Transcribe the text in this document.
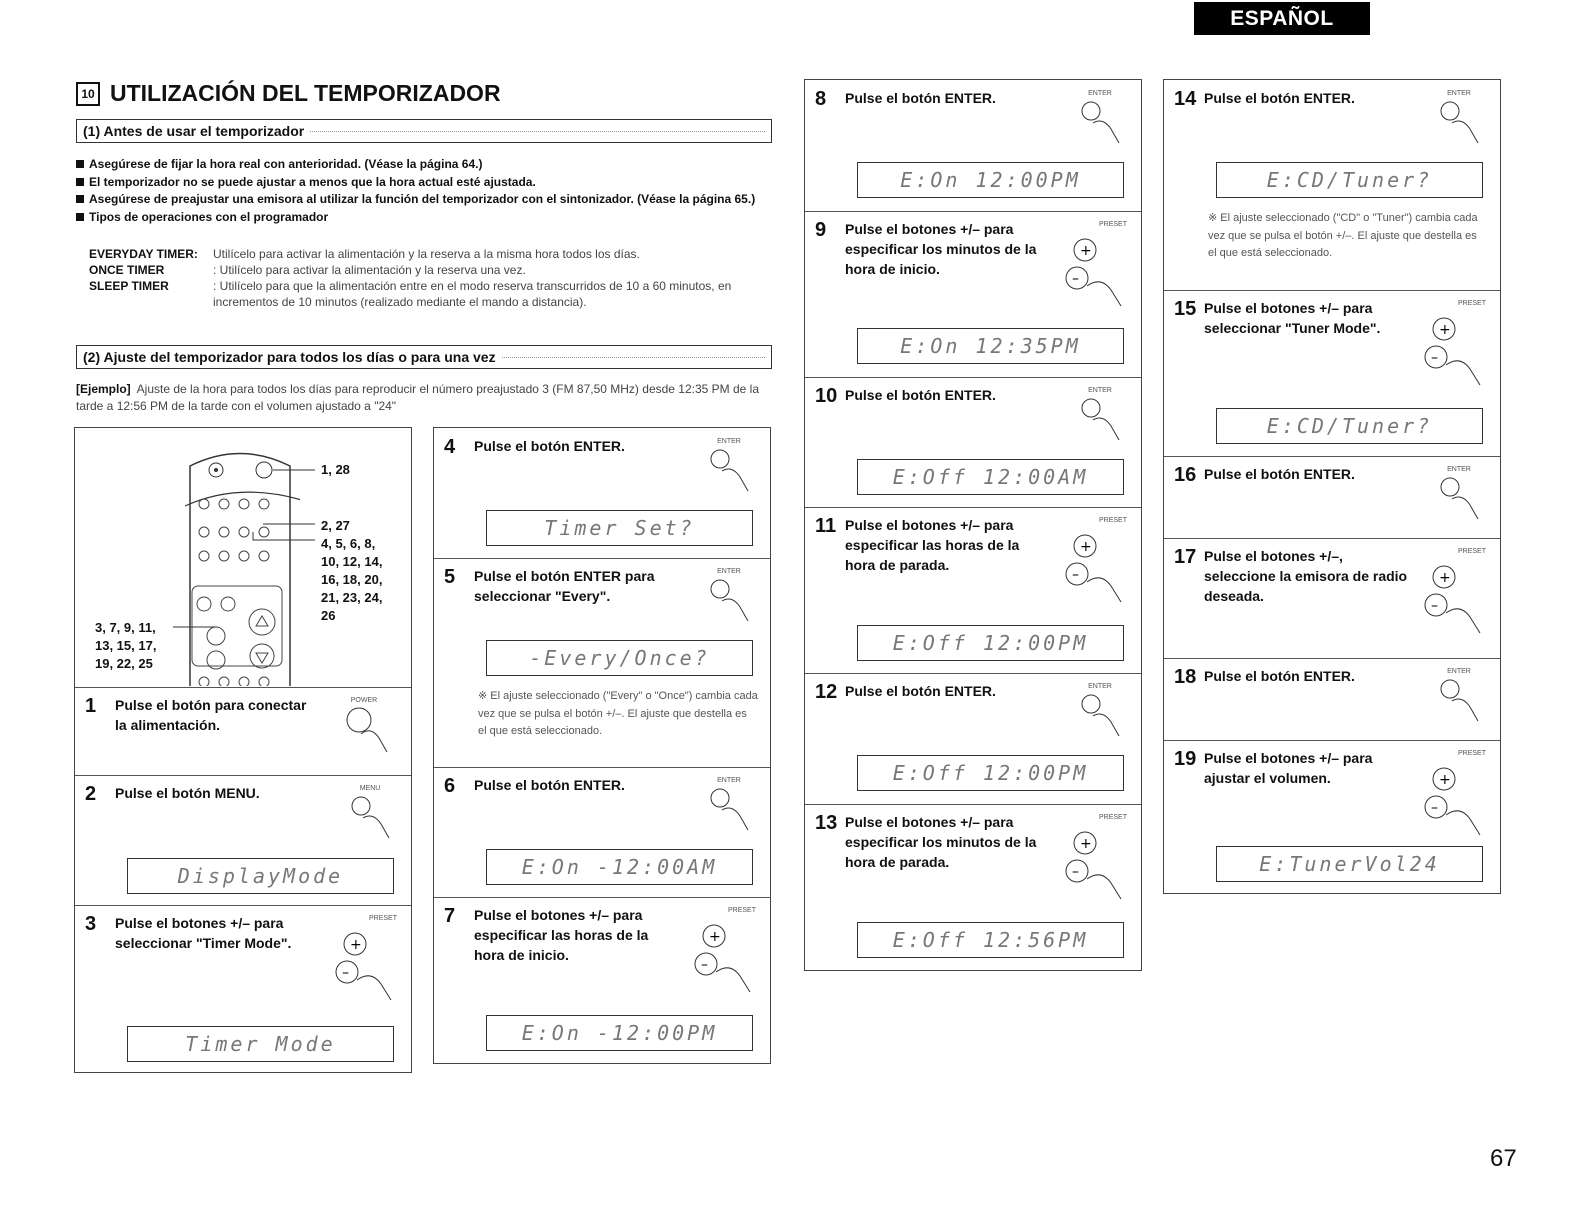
ESPAÑOL
10 UTILIZACIÓN DEL TEMPORIZADOR
(1) Antes de usar el temporizador

Asegúrese de fijar la hora real con anterioridad. (Véase la página 64.)

El temporizador no se puede ajustar a menos que la hora actual esté ajustada.

Asegúrese de preajustar una emisora al utilizar la función del temporizador con el sintonizador. (Véase la página 65.)

Tipos de operaciones con el programador

EVERYDAY TIMER: Utilícelo para activar la alimentación y la reserva a la misma hora todos los días.
ONCE TIMER	: Utilícelo para activar la alimentación y la reserva una vez.
SLEEP TIMER	: Utilícelo para que la alimentación entre en el modo reserva transcurridos de 10 a 60 minutos, en incrementos de 10 minutos (realizado mediante el mando a distancia).
(2) Ajuste del temporizador para todos los días o para una vez
[Ejemplo] Ajuste de la hora para todos los días para reproducir el número preajustado 3 (FM 87,50 MHz) desde 12:35 PM de la tarde a 12:56 PM de la tarde con el volumen ajustado a "24"
1, 28
2, 27
4, 5, 6, 8,
10, 12, 14,
16, 18, 20,
21, 23, 24,
26
3, 7, 9, 11,
13, 15, 17,
19, 22, 25
1 Pulse el botón para conectar la alimentación.
POWER
2 Pulse el botón MENU.	MENU
DisplayMode
3 Pulse el botones +/– para seleccionar "Timer Mode".
PRESET
+
–
Timer Mode
4 Pulse el botón ENTER.	ENTER
Timer Set?
5 Pulse el botón ENTER para seleccionar "Every".
ENTER
-Every/Once?
※ El ajuste seleccionado ("Every" o "Once") cambia cada vez que se pulsa el botón +/–. El ajuste que destella es el que está seleccionado.
6 Pulse el botón ENTER.	ENTER
E:On -12:00AM
7 Pulse el botones +/– para especificar las horas de la hora de inicio.
PRESET
+
–
E:On -12:00PM
8 Pulse el botón ENTER.	ENTER
E:On 12:00PM
9 Pulse el botones +/– para especificar los minutos de la hora de inicio.
PRESET
+
–
E:On 12:35PM
10 Pulse el botón ENTER.	ENTER
E:Off 12:00AM
11 Pulse el botones +/– para especificar las horas de la hora de parada.
PRESET
+
–
E:Off 12:00PM
12 Pulse el botón ENTER.	ENTER
E:Off 12:00PM
13 Pulse el botones +/– para especificar los minutos de la hora de parada.
PRESET
+
–
E:Off 12:56PM
14 Pulse el botón ENTER.	ENTER
E:CD/Tuner?
※ El ajuste seleccionado ("CD" o "Tuner") cambia cada vez que se pulsa el botón +/–. El ajuste que destella es el que está seleccionado.
15 Pulse el botones +/– para seleccionar "Tuner Mode".
PRESET
+
–
E:CD/Tuner?
16 Pulse el botón ENTER.	ENTER
17 Pulse el botones +/–, seleccione la emisora de radio deseada.
PRESET
+
–
18 Pulse el botón ENTER.	ENTER
19 Pulse el botones +/– para ajustar el volumen.
PRESET
+
–
E:TunerVol24
67
